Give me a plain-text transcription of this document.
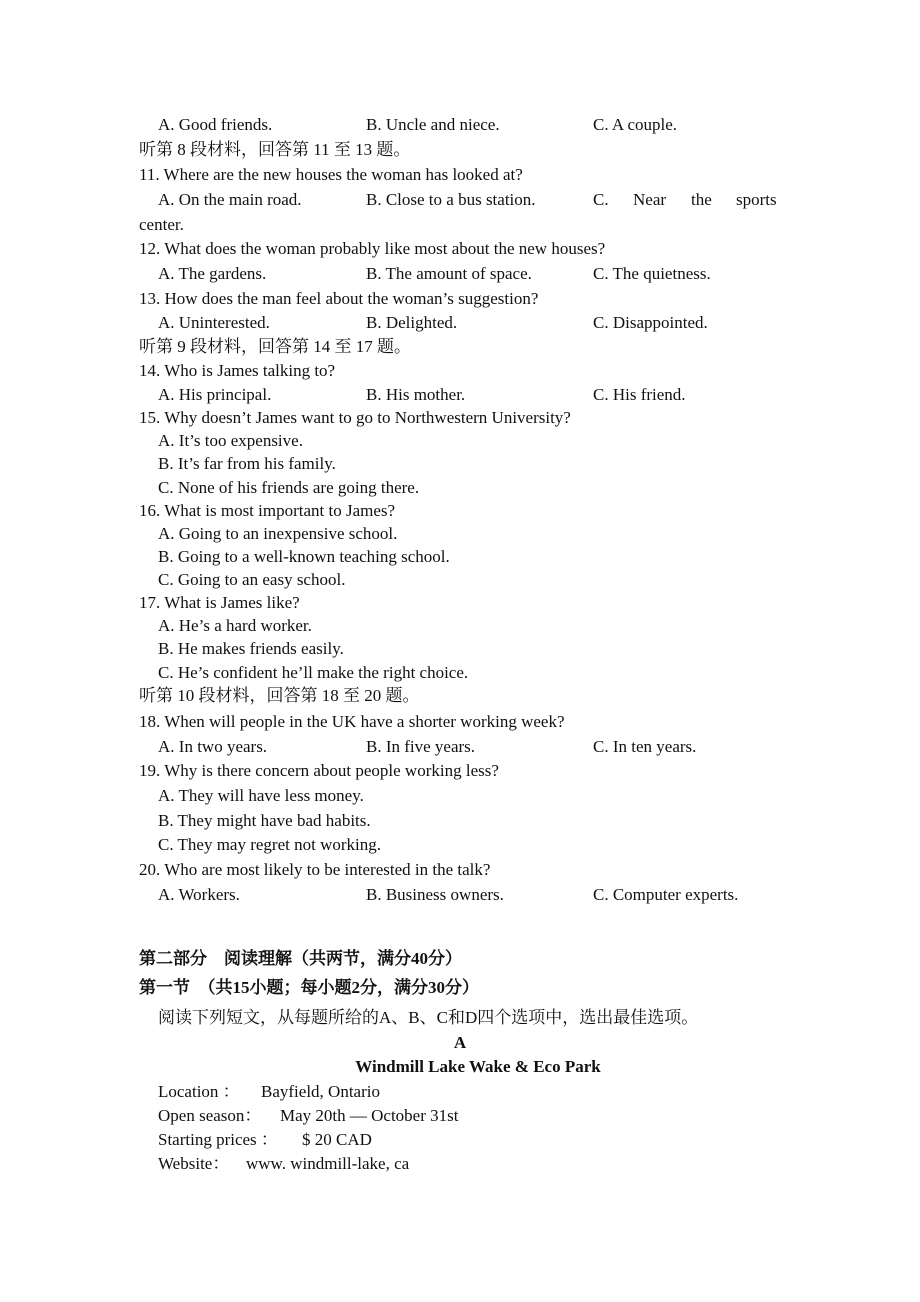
A. Good friends.	B. Uncle and niece.	C. A couple.
听第 8 段材料，回答第 11 至 13 题。
11. Where are the new houses the woman has looked at?
A. On the main road.	B. Close to a bus station.	C. Near the sports
center.
12. What does the woman probably like most about the new houses?
A. The gardens.	B. The amount of space.	C. The quietness.
13. How does the man feel about the woman’s suggestion?
A. Uninterested.	B. Delighted.	C. Disappointed.
听第 9 段材料，回答第 14 至 17 题。
14. Who is James talking to?
A. His principal.	B. His mother.	C. His friend.
15. Why doesn’t James want to go to Northwestern University?
A. It’s too expensive.
B. It’s far from his family.
C. None of his friends are going there.
16. What is most important to James?
A. Going to an inexpensive school.
B. Going to a well-known teaching school.
C. Going to an easy school.
17. What is James like?
A. He’s a hard worker.
B. He makes friends easily.
C. He’s confident he’ll make the right choice.
听第 10 段材料，回答第 18 至 20 题。
18. When will people in the UK have a shorter working week?
A. In two years.	B. In five years.	C. In ten years.
19. Why is there concern about people working less?
A. They will have less money.
B. They might have bad habits.
C. They may regret not working.
20. Who are most likely to be interested in the talk?
A. Workers.	B. Business owners.	C. Computer experts.
第二部分　阅读理解（共两节，满分40分）
第一节　（共15小题；每小题2分，满分30分）
阅读下列短文，从每题所给的A、B、C和D四个选项中，选出最佳选项。
A
Windmill Lake Wake & Eco Park
Location ： Bayfield, Ontario
Open season： May 20th — October 31st
Starting prices ： $ 20 CAD
Website： www. windmill-lake, ca
